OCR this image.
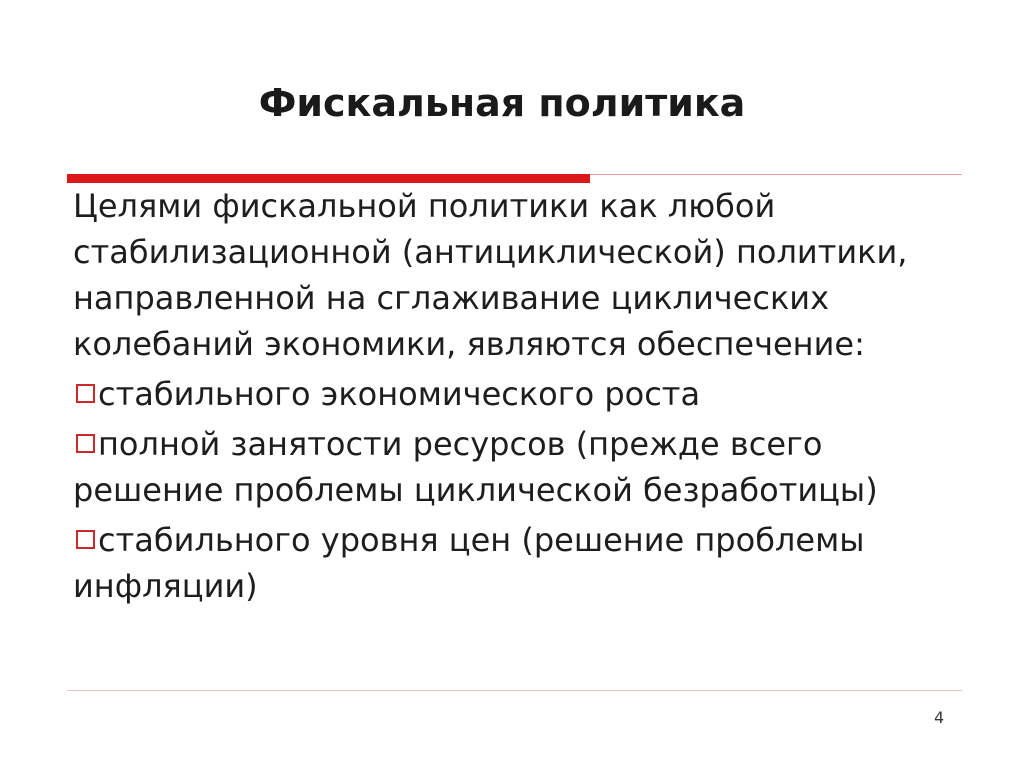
Фискальная политика
Целями фискальной политики как любой стабилизационной (антициклической) политики, направленной на сглаживание циклических колебаний экономики, являются обеспечение:
стабильного экономического роста
полной занятости ресурсов (прежде всего решение проблемы циклической безработицы)
стабильного уровня цен (решение проблемы инфляции)
4
